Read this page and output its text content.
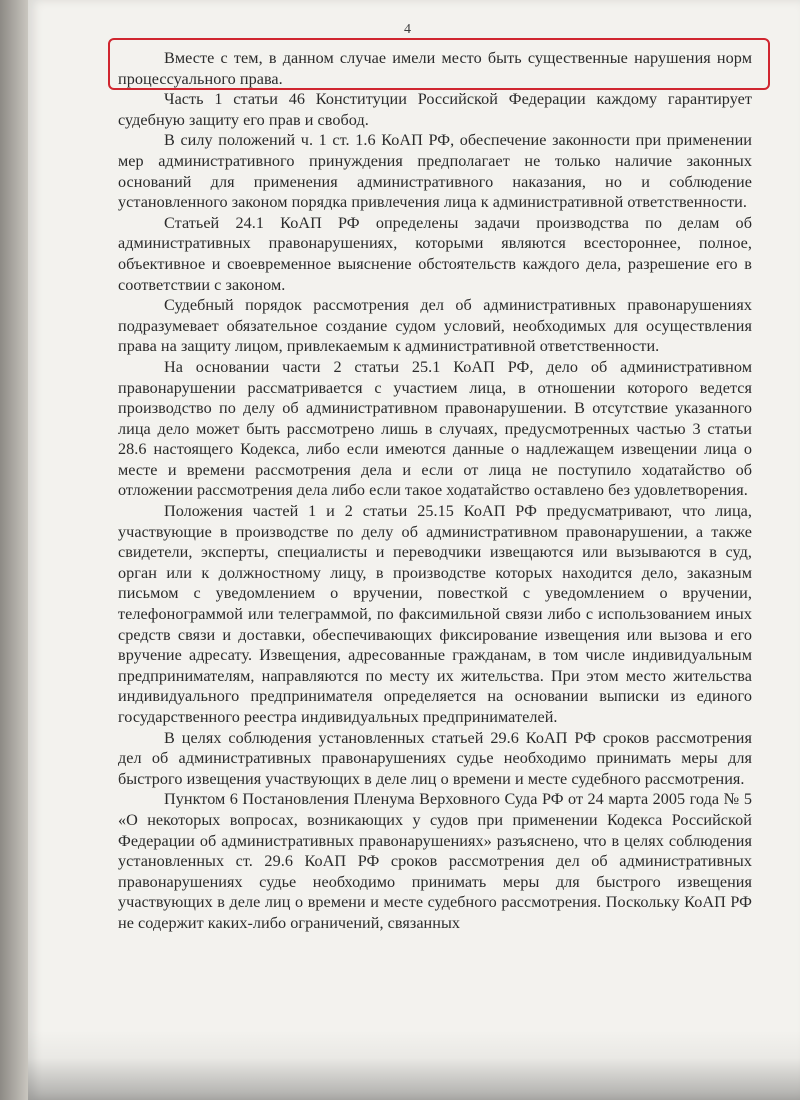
4

Вместе с тем, в данном случае имели место быть существенные нарушения норм процессуального права.

Часть 1 статьи 46 Конституции Российской Федерации каждому гарантирует судебную защиту его прав и свобод.

В силу положений ч. 1 ст. 1.6 КоАП РФ, обеспечение законности при применении мер административного принуждения предполагает не только наличие законных оснований для применения административного наказания, но и соблюдение установленного законом порядка привлечения лица к административной ответственности.

Статьей 24.1 КоАП РФ определены задачи производства по делам об административных правонарушениях, которыми являются всестороннее, полное, объективное и своевременное выяснение обстоятельств каждого дела, разрешение его в соответствии с законом.

Судебный порядок рассмотрения дел об административных правонарушениях подразумевает обязательное создание судом условий, необходимых для осуществления права на защиту лицом, привлекаемым к административной ответственности.

На основании части 2 статьи 25.1 КоАП РФ, дело об административном правонарушении рассматривается с участием лица, в отношении которого ведется производство по делу об административном правонарушении. В отсутствие указанного лица дело может быть рассмотрено лишь в случаях, предусмотренных частью 3 статьи 28.6 настоящего Кодекса, либо если имеются данные о надлежащем извещении лица о месте и времени рассмотрения дела и если от лица не поступило ходатайство об отложении рассмотрения дела либо если такое ходатайство оставлено без удовлетворения.

Положения частей 1 и 2 статьи 25.15 КоАП РФ предусматривают, что лица, участвующие в производстве по делу об административном правонарушении, а также свидетели, эксперты, специалисты и переводчики извещаются или вызываются в суд, орган или к должностному лицу, в производстве которых находится дело, заказным письмом с уведомлением о вручении, повесткой с уведомлением о вручении, телефонограммой или телеграммой, по факсимильной связи либо с использованием иных средств связи и доставки, обеспечивающих фиксирование извещения или вызова и его вручение адресату. Извещения, адресованные гражданам, в том числе индивидуальным предпринимателям, направляются по месту их жительства. При этом место жительства индивидуального предпринимателя определяется на основании выписки из единого государственного реестра индивидуальных предпринимателей.

В целях соблюдения установленных статьей 29.6 КоАП РФ сроков рассмотрения дел об административных правонарушениях судье необходимо принимать меры для быстрого извещения участвующих в деле лиц о времени и месте судебного рассмотрения.

Пунктом 6 Постановления Пленума Верховного Суда РФ от 24 марта 2005 года № 5 «О некоторых вопросах, возникающих у судов при применении Кодекса Российской Федерации об административных правонарушениях» разъяснено, что в целях соблюдения установленных ст. 29.6 КоАП РФ сроков рассмотрения дел об административных правонарушениях судье необходимо принимать меры для быстрого извещения участвующих в деле лиц о времени и месте судебного рассмотрения. Поскольку КоАП РФ не содержит каких-либо ограничений, связанных
